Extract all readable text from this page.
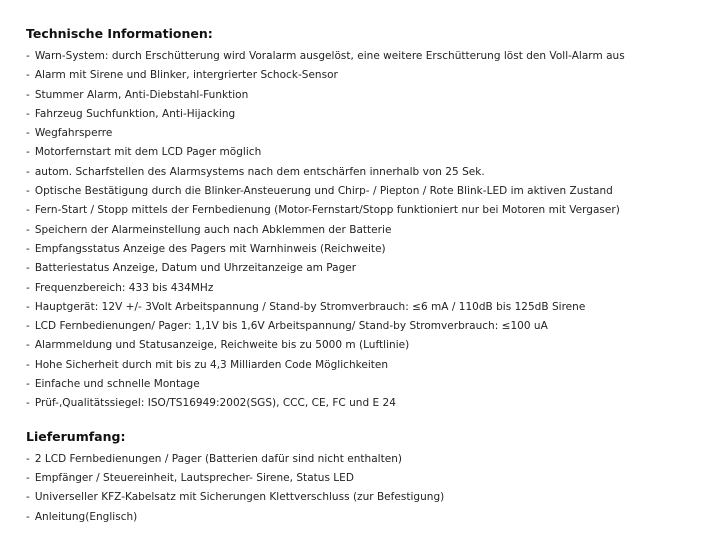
Technische Informationen:
- Warn-System: durch Erschütterung wird Voralarm ausgelöst, eine weitere Erschütterung löst den Voll-Alarm aus
- Alarm mit Sirene und Blinker, intergrierter Schock-Sensor
- Stummer Alarm, Anti-Diebstahl-Funktion
- Fahrzeug Suchfunktion, Anti-Hijacking
- Wegfahrsperre
- Motorfernstart mit dem LCD Pager möglich
- autom. Scharfstellen des Alarmsystems nach dem entschärfen innerhalb von 25 Sek.
- Optische Bestätigung durch die Blinker-Ansteuerung und Chirp- / Piepton / Rote Blink-LED im aktiven Zustand
- Fern-Start / Stopp mittels der Fernbedienung (Motor-Fernstart/Stopp funktioniert nur bei Motoren mit Vergaser)
- Speichern der Alarmeinstellung auch nach Abklemmen der Batterie
- Empfangsstatus Anzeige des Pagers mit Warnhinweis (Reichweite)
- Batteriestatus Anzeige, Datum und Uhrzeitanzeige am Pager
- Frequenzbereich: 433 bis 434MHz
- Hauptgerät: 12V +/- 3Volt Arbeitspannung / Stand-by Stromverbrauch: ≤6 mA / 110dB bis 125dB Sirene
- LCD Fernbedienungen/ Pager: 1,1V bis 1,6V Arbeitspannung/ Stand-by Stromverbrauch: ≤100 uA
- Alarmmeldung und Statusanzeige, Reichweite bis zu 5000 m (Luftlinie)
- Hohe Sicherheit durch mit bis zu 4,3 Milliarden Code Möglichkeiten
- Einfache und schnelle Montage
- Prüf-,Qualitätssiegel: ISO/TS16949:2002(SGS), CCC, CE, FC und E 24
Lieferumfang:
- 2 LCD Fernbedienungen / Pager (Batterien dafür sind nicht enthalten)
- Empfänger / Steuereinheit, Lautsprecher- Sirene, Status LED
- Universeller KFZ-Kabelsatz mit Sicherungen Klettverschluss (zur Befestigung)
- Anleitung(Englisch)
